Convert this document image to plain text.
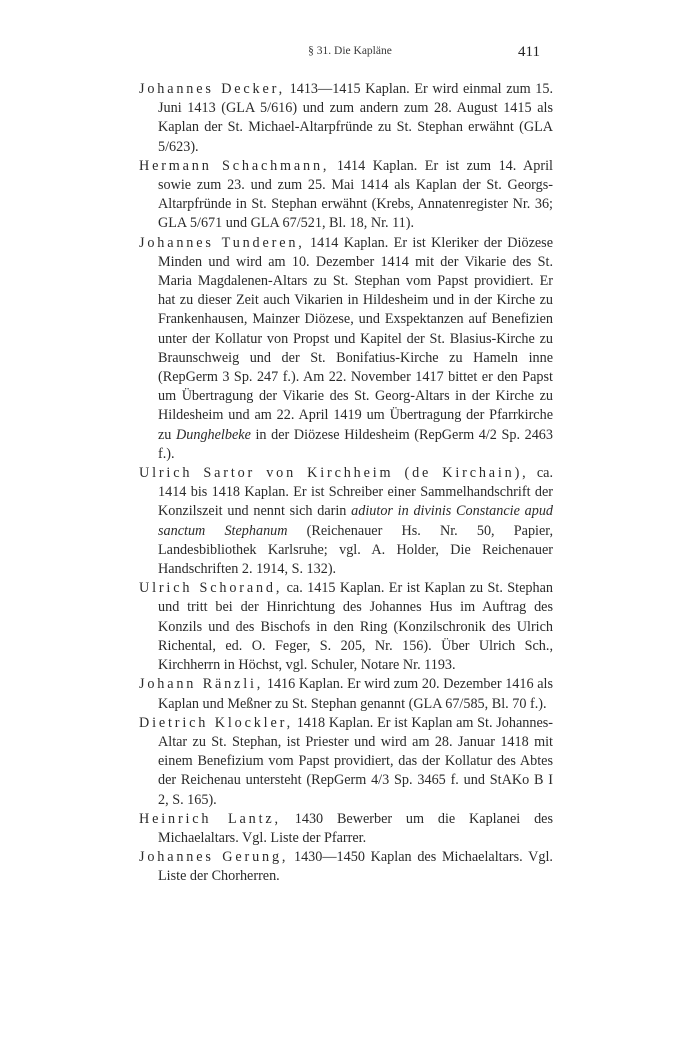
§ 31. Die Kapläne	411

Johannes Decker, 1413—1415 Kaplan. Er wird einmal zum 15. Juni 1413 (GLA 5/616) und zum andern zum 28. August 1415 als Kaplan der St. Michael-Altarpfründe zu St. Stephan erwähnt (GLA 5/623).

Hermann Schachmann, 1414 Kaplan. Er ist zum 14. April sowie zum 23. und zum 25. Mai 1414 als Kaplan der St. Georgs-Altarpfründe in St. Stephan erwähnt (Krebs, Annatenregister Nr. 36; GLA 5/671 und GLA 67/521, Bl. 18, Nr. 11).

Johannes Tunderen, 1414 Kaplan. Er ist Kleriker der Diözese Minden und wird am 10. Dezember 1414 mit der Vikarie des St. Maria Magdalenen-Altars zu St. Stephan vom Papst providiert. Er hat zu dieser Zeit auch Vikarien in Hildesheim und in der Kirche zu Frankenhausen, Mainzer Diözese, und Exspektanzen auf Benefizien unter der Kollatur von Propst und Kapitel der St. Blasius-Kirche zu Braunschweig und der St. Bonifatius-Kirche zu Hameln inne (RepGerm 3 Sp. 247 f.). Am 22. November 1417 bittet er den Papst um Übertragung der Vikarie des St. Georg-Altars in der Kirche zu Hildesheim und am 22. April 1419 um Übertragung der Pfarrkirche zu Dunghelbeke in der Diözese Hildesheim (RepGerm 4/2 Sp. 2463 f.).

Ulrich Sartor von Kirchheim (de Kirchain), ca. 1414 bis 1418 Kaplan. Er ist Schreiber einer Sammelhandschrift der Konzilszeit und nennt sich darin adiutor in divinis Constancie apud sanctum Stephanum (Reichenauer Hs. Nr. 50, Papier, Landesbibliothek Karlsruhe; vgl. A. Holder, Die Reichenauer Handschriften 2. 1914, S. 132).

Ulrich Schorand, ca. 1415 Kaplan. Er ist Kaplan zu St. Stephan und tritt bei der Hinrichtung des Johannes Hus im Auftrag des Konzils und des Bischofs in den Ring (Konzilschronik des Ulrich Richental, ed. O. Feger, S. 205, Nr. 156). Über Ulrich Sch., Kirchherrn in Höchst, vgl. Schuler, Notare Nr. 1193.

Johann Ränzli, 1416 Kaplan. Er wird zum 20. Dezember 1416 als Kaplan und Meßner zu St. Stephan genannt (GLA 67/585, Bl. 70 f.).

Dietrich Klockler, 1418 Kaplan. Er ist Kaplan am St. Johannes-Altar zu St. Stephan, ist Priester und wird am 28. Januar 1418 mit einem Benefizium vom Papst providiert, das der Kollatur des Abtes der Reichenau untersteht (RepGerm 4/3 Sp. 3465 f. und StAKo B I 2, S. 165).

Heinrich Lantz, 1430 Bewerber um die Kaplanei des Michaelaltars. Vgl. Liste der Pfarrer.

Johannes Gerung, 1430—1450 Kaplan des Michaelaltars. Vgl. Liste der Chorherren.
